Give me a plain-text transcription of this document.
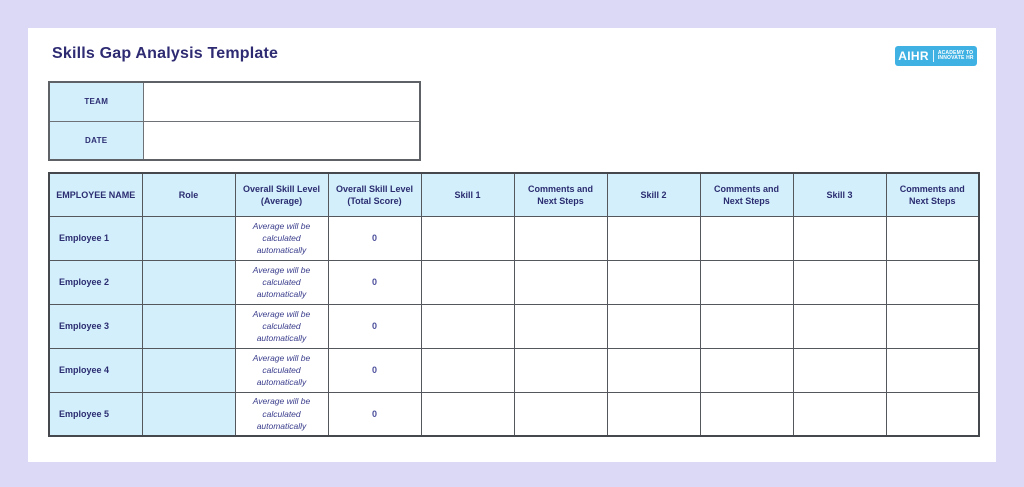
Skills Gap Analysis Template	AIHR ACADEMY TO
INNOVATE HR
TEAM	
DATE	
EMPLOYEE NAME	Role	Overall Skill Level (Average)	Overall Skill Level (Total Score)	Skill 1	Comments and Next Steps	Skill 2	Comments and Next Steps	Skill 3	Comments and Next Steps
Employee 1		Average will be calculated automatically	0						
Employee 2		Average will be calculated automatically	0						
Employee 3		Average will be calculated automatically	0						
Employee 4		Average will be calculated automatically	0						
Employee 5		Average will be calculated automatically	0						
